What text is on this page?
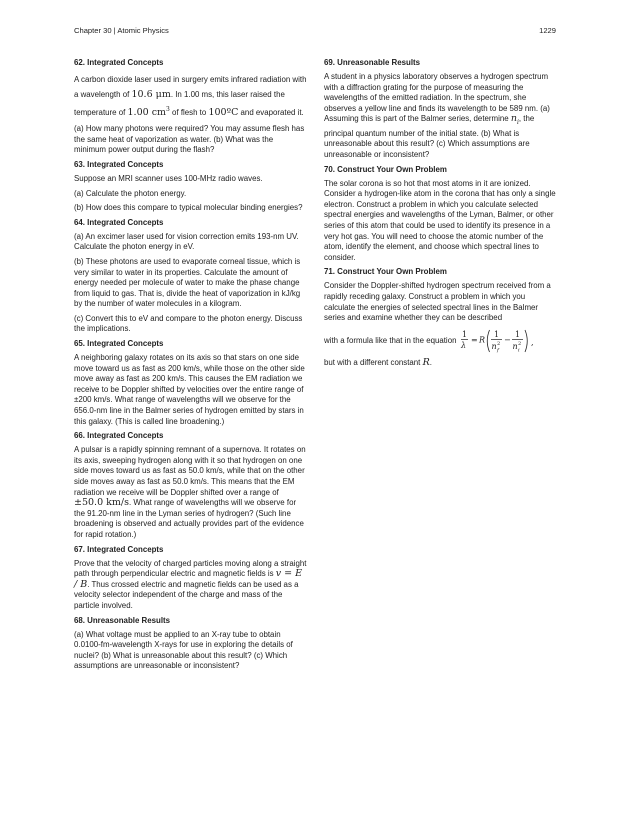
Chapter 30 | Atomic Physics	1229
62. Integrated Concepts
A carbon dioxide laser used in surgery emits infrared radiation with a wavelength of 10.6 μm. In 1.00 ms, this laser raised the temperature of 1.00 $cm^3$ of flesh to 100ºC and evaporated it.
(a) How many photons were required? You may assume flesh has the same heat of vaporization as water. (b) What was the minimum power output during the flash?
63. Integrated Concepts
Suppose an MRI scanner uses 100-MHz radio waves.
(a) Calculate the photon energy.
(b) How does this compare to typical molecular binding energies?
64. Integrated Concepts
(a) An excimer laser used for vision correction emits 193-nm UV. Calculate the photon energy in eV.
(b) These photons are used to evaporate corneal tissue, which is very similar to water in its properties. Calculate the amount of energy needed per molecule of water to make the phase change from liquid to gas. That is, divide the heat of vaporization in kJ/kg by the number of water molecules in a kilogram.
(c) Convert this to eV and compare to the photon energy. Discuss the implications.
65. Integrated Concepts
A neighboring galaxy rotates on its axis so that stars on one side move toward us as fast as 200 km/s, while those on the other side move away as fast as 200 km/s. This causes the EM radiation we receive to be Doppler shifted by velocities over the entire range of ±200 km/s. What range of wavelengths will we observe for the 656.0-nm line in the Balmer series of hydrogen emitted by stars in this galaxy. (This is called line broadening.)
66. Integrated Concepts
A pulsar is a rapidly spinning remnant of a supernova. It rotates on its axis, sweeping hydrogen along with it so that hydrogen on one side moves toward us as fast as 50.0 km/s, while that on the other side moves away as fast as 50.0 km/s. This means that the EM radiation we receive will be Doppler shifted over a range of ±50.0 km/s. What range of wavelengths will we observe for the 91.20-nm line in the Lyman series of hydrogen? (Such line broadening is observed and actually provides part of the evidence for rapid rotation.)
67. Integrated Concepts
Prove that the velocity of charged particles moving along a straight path through perpendicular electric and magnetic fields is v = E / B. Thus crossed electric and magnetic fields can be used as a velocity selector independent of the charge and mass of the particle involved.
68. Unreasonable Results
(a) What voltage must be applied to an X-ray tube to obtain 0.0100-fm-wavelength X-rays for use in exploring the details of nuclei? (b) What is unreasonable about this result? (c) Which assumptions are unreasonable or inconsistent?
69. Unreasonable Results
A student in a physics laboratory observes a hydrogen spectrum with a diffraction grating for the purpose of measuring the wavelengths of the emitted radiation. In the spectrum, she observes a yellow line and finds its wavelength to be 589 nm. (a) Assuming this is part of the Balmer series, determine $n_i$, the principal quantum number of the initial state. (b) What is unreasonable about this result? (c) Which assumptions are unreasonable or inconsistent?
70. Construct Your Own Problem
The solar corona is so hot that most atoms in it are ionized. Consider a hydrogen-like atom in the corona that has only a single electron. Construct a problem in which you calculate selected spectral energies and wavelengths of the Lyman, Balmer, or other series of this atom that could be used to identify its presence in a very hot gas. You will need to choose the atomic number of the atom, identify the element, and choose which spectral lines to consider.
71. Construct Your Own Problem
Consider the Doppler-shifted hydrogen spectrum received from a rapidly receding galaxy. Construct a problem in which you calculate the energies of selected spectral lines in the Balmer series and examine whether they can be described
with a formula like that in the equation
1
λ
= R
1
n 2
f
−
1
n 2
i
,
but with a different constant R.
